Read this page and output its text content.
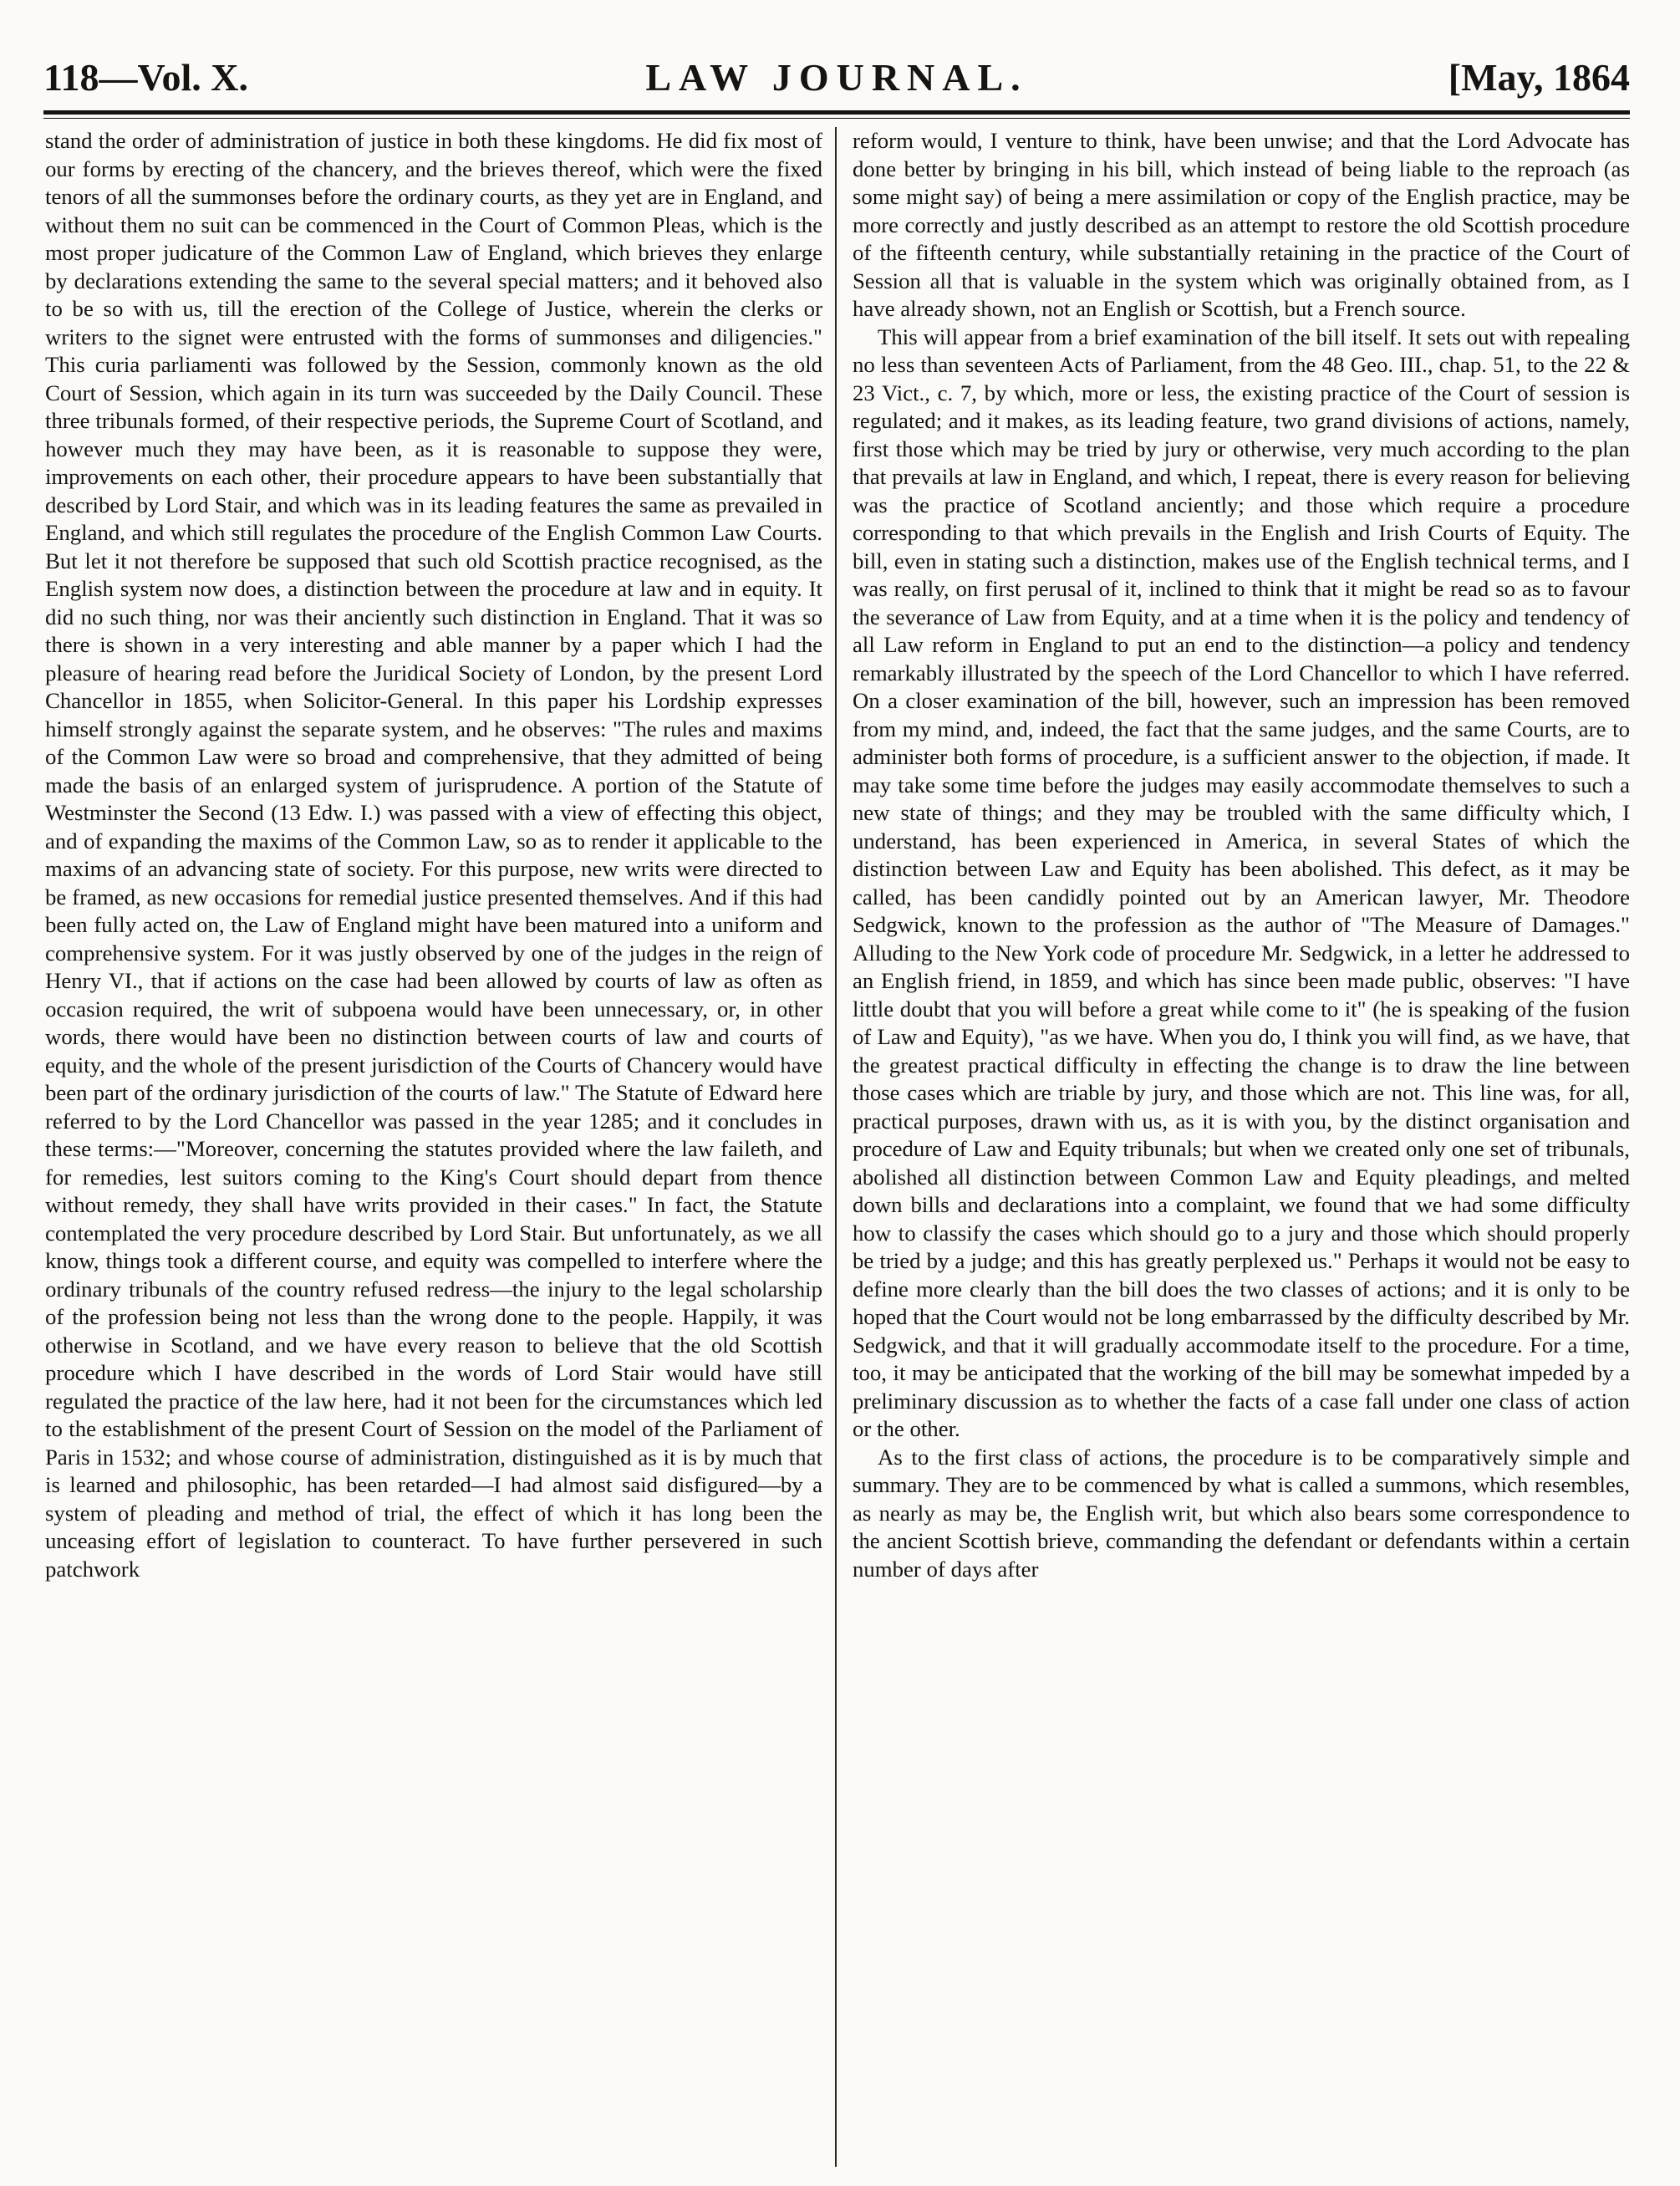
118—Vol. X.	LAW JOURNAL.	[May, 1864

stand the order of administration of justice in both these kingdoms. He did fix most of our forms by erecting of the chancery, and the brieves thereof, which were the fixed tenors of all the summonses before the ordinary courts, as they yet are in England, and without them no suit can be commenced in the Court of Common Pleas, which is the most proper judicature of the Common Law of England, which brieves they enlarge by declarations extending the same to the several special matters; and it behoved also to be so with us, till the erection of the College of Justice, wherein the clerks or writers to the signet were entrusted with the forms of summonses and diligencies." This curia parliamenti was followed by the Session, commonly known as the old Court of Session, which again in its turn was succeeded by the Daily Council. These three tribunals formed, of their respective periods, the Supreme Court of Scotland, and however much they may have been, as it is reasonable to suppose they were, improvements on each other, their procedure appears to have been substantially that described by Lord Stair, and which was in its leading features the same as prevailed in England, and which still regulates the procedure of the English Common Law Courts. But let it not therefore be supposed that such old Scottish practice recognised, as the English system now does, a distinction between the procedure at law and in equity. It did no such thing, nor was their anciently such distinction in England. That it was so there is shown in a very interesting and able manner by a paper which I had the pleasure of hearing read before the Juridical Society of London, by the present Lord Chancellor in 1855, when Solicitor-General. In this paper his Lordship expresses himself strongly against the separate system, and he observes: "The rules and maxims of the Common Law were so broad and comprehensive, that they admitted of being made the basis of an enlarged system of jurisprudence. A portion of the Statute of Westminster the Second (13 Edw. I.) was passed with a view of effecting this object, and of expanding the maxims of the Common Law, so as to render it applicable to the maxims of an advancing state of society. For this purpose, new writs were directed to be framed, as new occasions for remedial justice presented themselves. And if this had been fully acted on, the Law of England might have been matured into a uniform and comprehensive system. For it was justly observed by one of the judges in the reign of Henry VI., that if actions on the case had been allowed by courts of law as often as occasion required, the writ of subpoena would have been unnecessary, or, in other words, there would have been no distinction between courts of law and courts of equity, and the whole of the present jurisdiction of the Courts of Chancery would have been part of the ordinary jurisdiction of the courts of law." The Statute of Edward here referred to by the Lord Chancellor was passed in the year 1285; and it concludes in these terms:—"Moreover, concerning the statutes provided where the law faileth, and for remedies, lest suitors coming to the King's Court should depart from thence without remedy, they shall have writs provided in their cases." In fact, the Statute contemplated the very procedure described by Lord Stair. But unfortunately, as we all know, things took a different course, and equity was compelled to interfere where the ordinary tribunals of the country refused redress—the injury to the legal scholarship of the profession being not less than the wrong done to the people. Happily, it was otherwise in Scotland, and we have every reason to believe that the old Scottish procedure which I have described in the words of Lord Stair would have still regulated the practice of the law here, had it not been for the circumstances which led to the establishment of the present Court of Session on the model of the Parliament of Paris in 1532; and whose course of administration, distinguished as it is by much that is learned and philosophic, has been retarded—I had almost said disfigured—by a system of pleading and method of trial, the effect of which it has long been the unceasing effort of legislation to counteract. To have further persevered in such patchwork

reform would, I venture to think, have been unwise; and that the Lord Advocate has done better by bringing in his bill, which instead of being liable to the reproach (as some might say) of being a mere assimilation or copy of the English practice, may be more correctly and justly described as an attempt to restore the old Scottish procedure of the fifteenth century, while substantially retaining in the practice of the Court of Session all that is valuable in the system which was originally obtained from, as I have already shown, not an English or Scottish, but a French source.

This will appear from a brief examination of the bill itself. It sets out with repealing no less than seventeen Acts of Parliament, from the 48 Geo. III., chap. 51, to the 22 & 23 Vict., c. 7, by which, more or less, the existing practice of the Court of session is regulated; and it makes, as its leading feature, two grand divisions of actions, namely, first those which may be tried by jury or otherwise, very much according to the plan that prevails at law in England, and which, I repeat, there is every reason for believing was the practice of Scotland anciently; and those which require a procedure corresponding to that which prevails in the English and Irish Courts of Equity. The bill, even in stating such a distinction, makes use of the English technical terms, and I was really, on first perusal of it, inclined to think that it might be read so as to favour the severance of Law from Equity, and at a time when it is the policy and tendency of all Law reform in England to put an end to the distinction—a policy and tendency remarkably illustrated by the speech of the Lord Chancellor to which I have referred. On a closer examination of the bill, however, such an impression has been removed from my mind, and, indeed, the fact that the same judges, and the same Courts, are to administer both forms of procedure, is a sufficient answer to the objection, if made. It may take some time before the judges may easily accommodate themselves to such a new state of things; and they may be troubled with the same difficulty which, I understand, has been experienced in America, in several States of which the distinction between Law and Equity has been abolished. This defect, as it may be called, has been candidly pointed out by an American lawyer, Mr. Theodore Sedgwick, known to the profession as the author of "The Measure of Damages." Alluding to the New York code of procedure Mr. Sedgwick, in a letter he addressed to an English friend, in 1859, and which has since been made public, observes: "I have little doubt that you will before a great while come to it" (he is speaking of the fusion of Law and Equity), "as we have. When you do, I think you will find, as we have, that the greatest practical difficulty in effecting the change is to draw the line between those cases which are triable by jury, and those which are not. This line was, for all, practical purposes, drawn with us, as it is with you, by the distinct organisation and procedure of Law and Equity tribunals; but when we created only one set of tribunals, abolished all distinction between Common Law and Equity pleadings, and melted down bills and declarations into a complaint, we found that we had some difficulty how to classify the cases which should go to a jury and those which should properly be tried by a judge; and this has greatly perplexed us." Perhaps it would not be easy to define more clearly than the bill does the two classes of actions; and it is only to be hoped that the Court would not be long embarrassed by the difficulty described by Mr. Sedgwick, and that it will gradually accommodate itself to the procedure. For a time, too, it may be anticipated that the working of the bill may be somewhat impeded by a preliminary discussion as to whether the facts of a case fall under one class of action or the other.

As to the first class of actions, the procedure is to be comparatively simple and summary. They are to be commenced by what is called a summons, which resembles, as nearly as may be, the English writ, but which also bears some correspondence to the ancient Scottish brieve, commanding the defendant or defendants within a certain number of days after
